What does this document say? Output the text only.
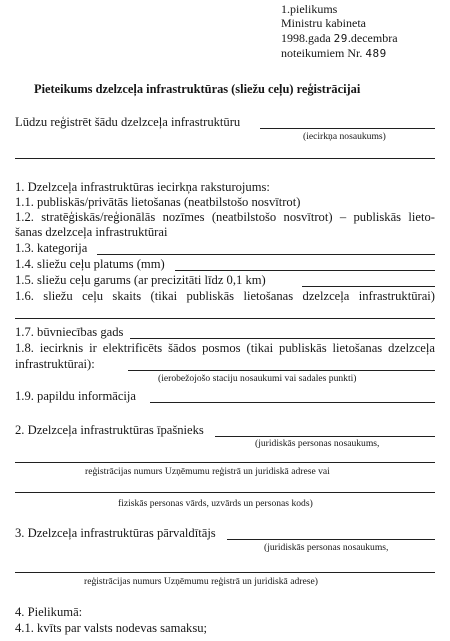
1.pielikums
Ministru kabineta
1998.gada 29.decembra
noteikumiem Nr. 489
Pieteikums dzelzceļa infrastruktūras (sliežu ceļu) reģistrācijai
Lūdzu reģistrēt šādu dzelzceļa infrastruktūru
(iecirkņa nosaukums)
1. Dzelzceļa infrastruktūras iecirkņa raksturojums:
1.1. publiskās/privātās lietošanas (neatbilstošo nosvītrot)
1.2. stratēģiskās/reģionālās nozīmes (neatbilstošo nosvītrot) – publiskās lieto-
šanas dzelzceļa infrastruktūrai
1.3. kategorija
1.4. sliežu ceļu platums (mm)
1.5. sliežu ceļu garums (ar precizitāti līdz 0,1 km)
1.6. sliežu ceļu skaits (tikai publiskās lietošanas dzelzceļa infrastruktūrai)
1.7. būvniecības gads
1.8. iecirknis ir elektrificēts šādos posmos (tikai publiskās lietošanas dzelzceļa
infrastruktūrai):
(ierobežojošo staciju nosaukumi vai sadales punkti)
1.9. papildu informācija
2. Dzelzceļa infrastruktūras īpašnieks
(juridiskās personas nosaukums,
reģistrācijas numurs Uzņēmumu reģistrā un juridiskā adrese vai
fiziskās personas vārds, uzvārds un personas kods)
3. Dzelzceļa infrastruktūras pārvaldītājs
(juridiskās personas nosaukums,
reģistrācijas numurs Uzņēmumu reģistrā un juridiskā adrese)
4. Pielikumā:
4.1. kvīts par valsts nodevas samaksu;
